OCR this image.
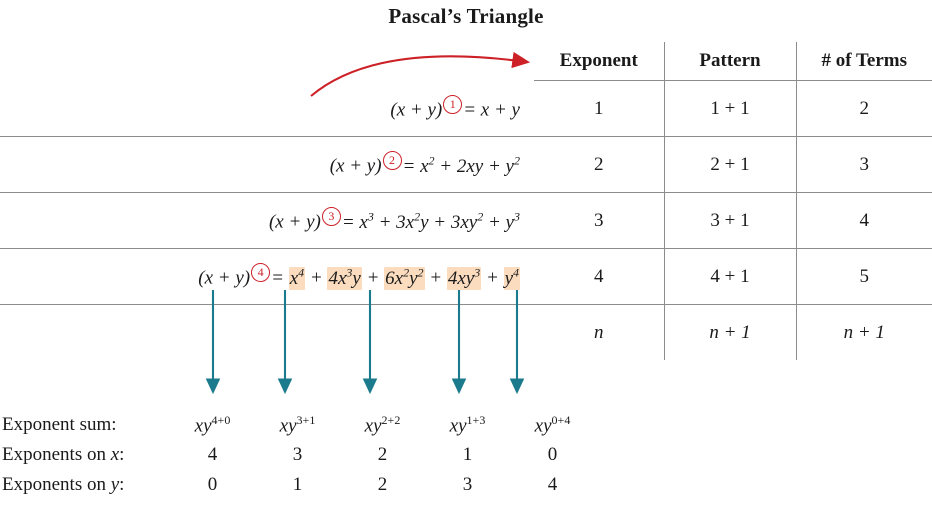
Pascal’s Triangle
	Exponent	Pattern	# of Terms
(x + y) 1 = x + y	1	1 + 1	2
(x + y) $2 = x^2 + 2xy + y^2$	2	2 + 1	3
(x + y) $3 = x^3 + 3x^2y + 3xy^2 + y^3$	3	3 + 1	4
(x + y) $4 = x^4 + 4x^3y + 6x^2y^2 + 4xy^3 + y^4$	4	4 + 1	5
	n	n + 1	n + 1
Exponent sum:	$xy^{4+0}$	$xy^{3+1}$	$xy^{2+2}$	$xy^{1+3}$	$xy^{0+4}$
Exponents on x:	4	3	2	1	0
Exponents on y:	0	1	2	3	4
